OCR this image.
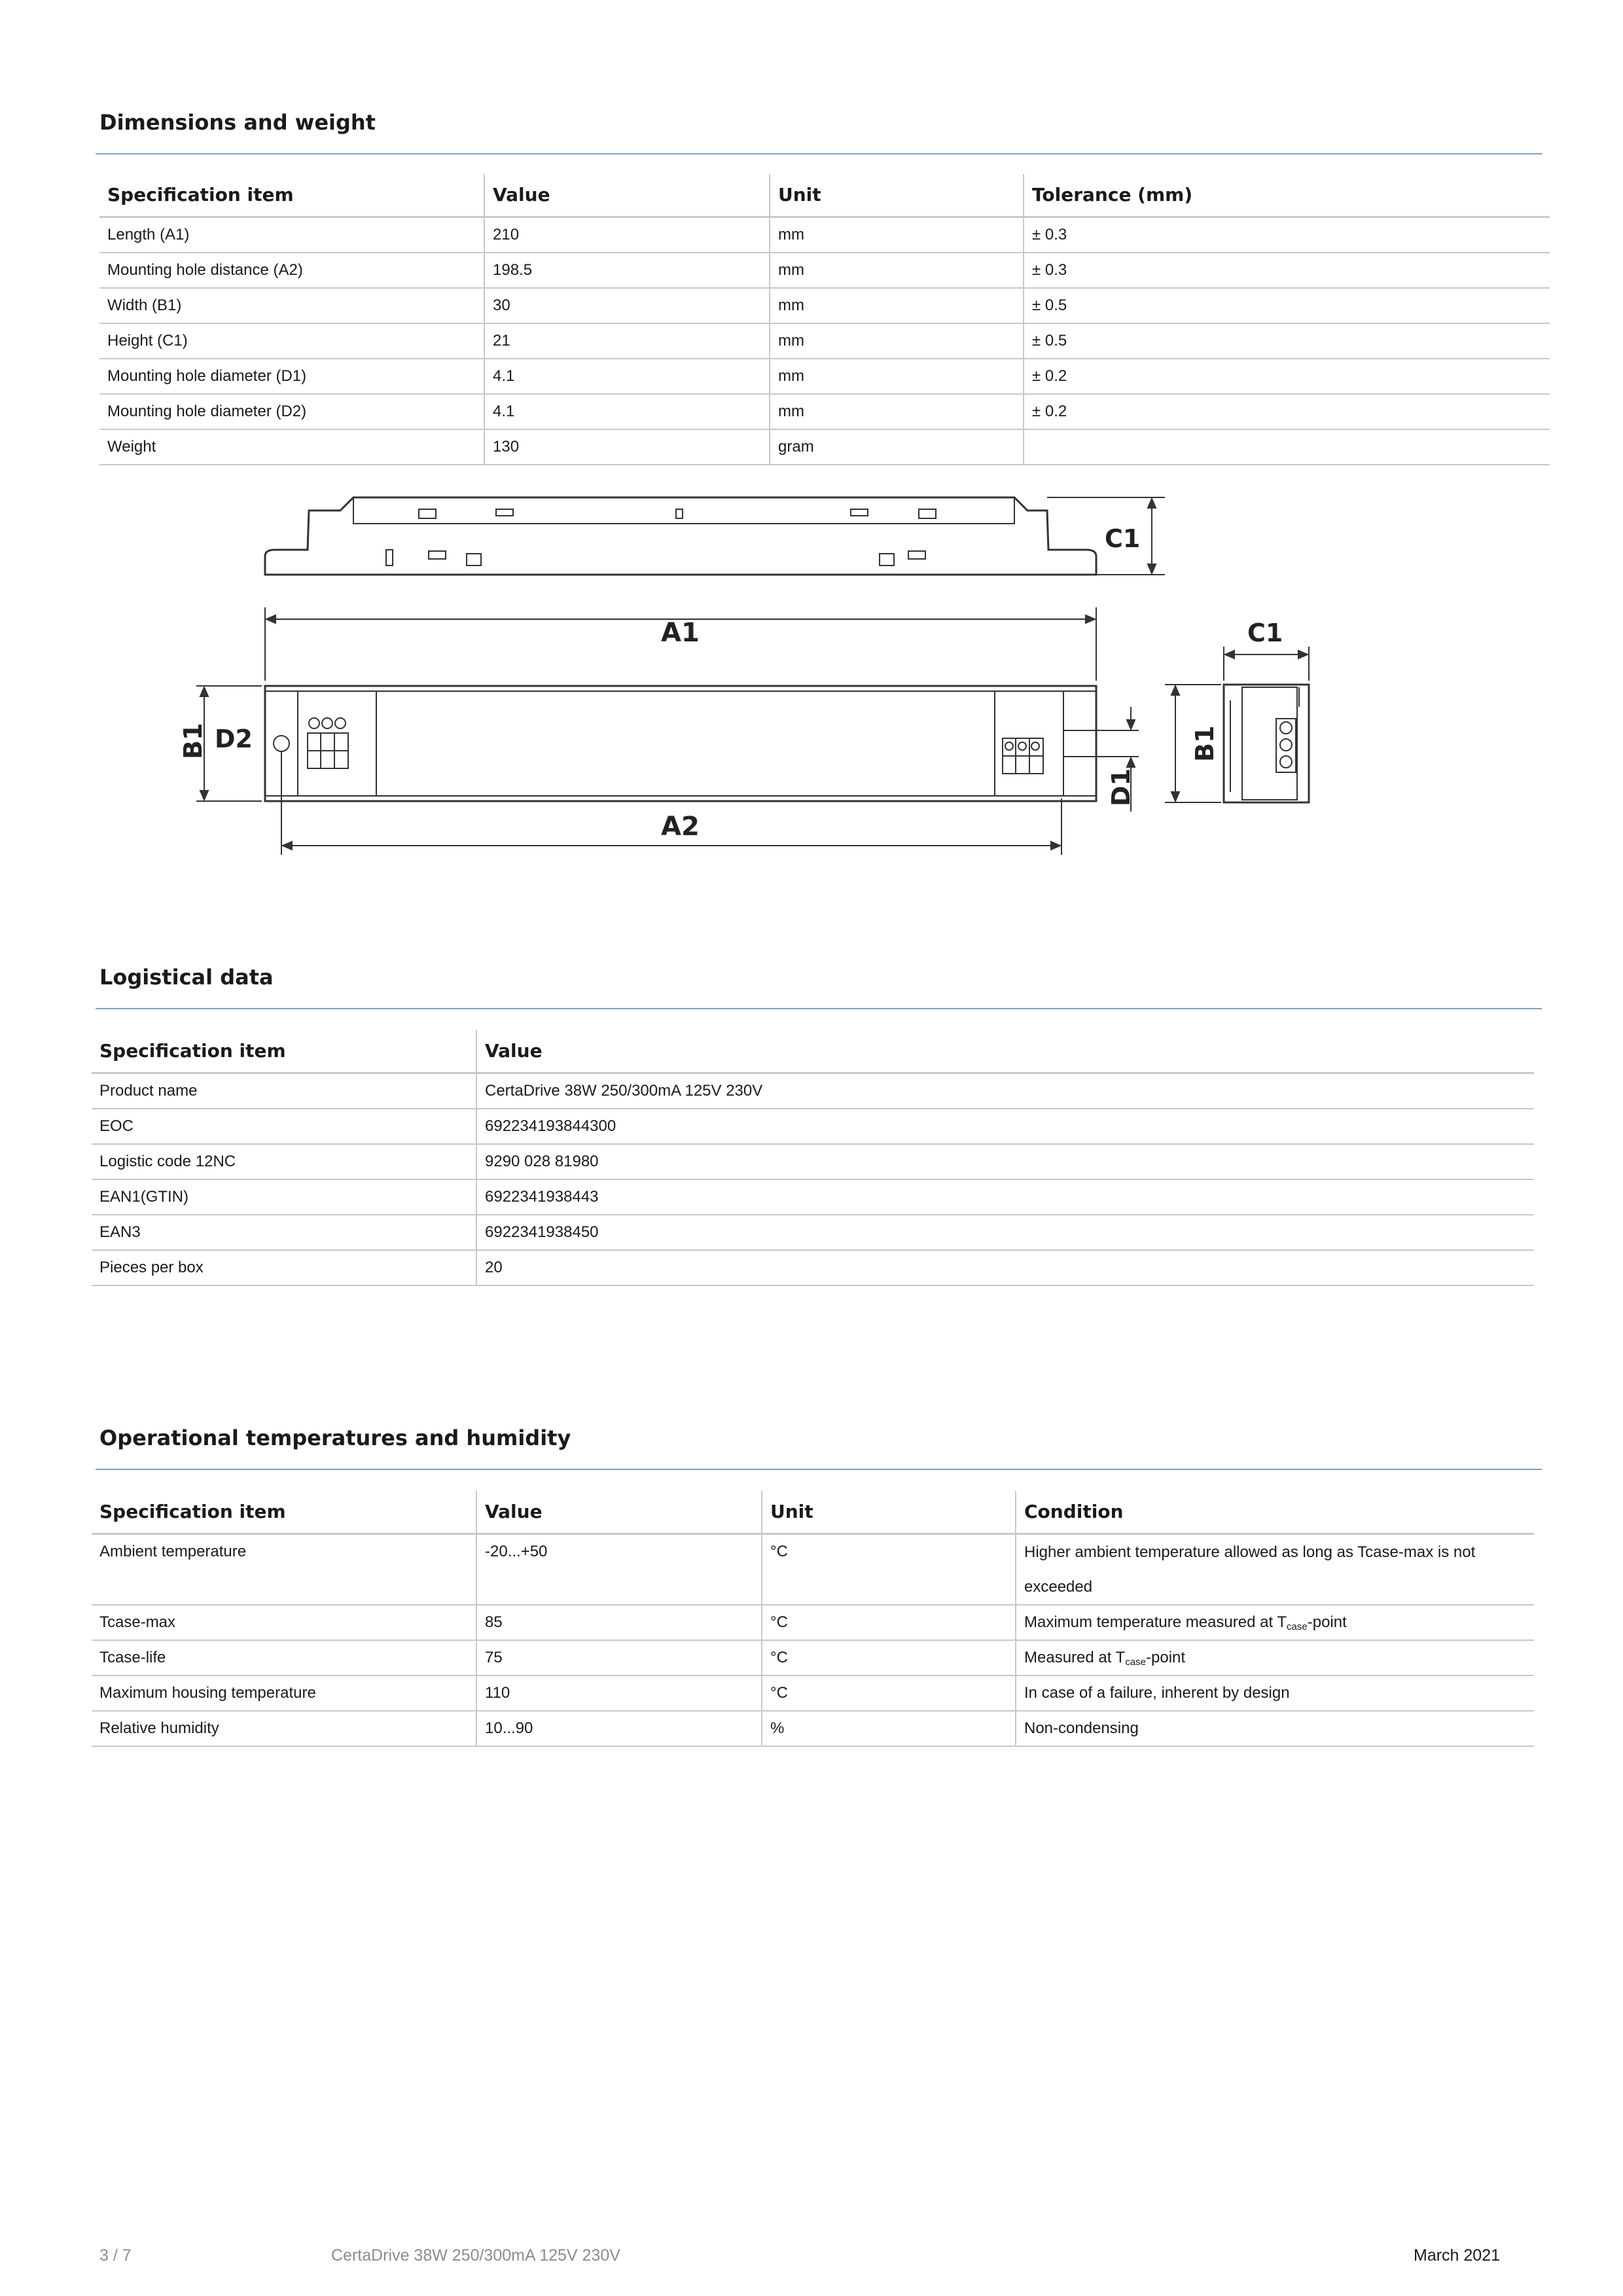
Dimensions and weight
Specification item	Value	Unit	Tolerance (mm)
Length (A1)	210	mm	± 0.3
Mounting hole distance (A2)	198.5	mm	± 0.3
Width (B1)	30	mm	± 0.5
Height (C1)	21	mm	± 0.5
Mounting hole diameter (D1)	4.1	mm	± 0.2
Mounting hole diameter (D2)	4.1	mm	± 0.2
Weight	130	gram	
C1
A1
B1 D2
D1
A2
C1
B1
Logistical data
Specification item	Value
Product name	CertaDrive 38W 250/300mA 125V 230V
EOC	692234193844300
Logistic code 12NC	9290 028 81980
EAN1(GTIN)	6922341938443
EAN3	6922341938450
Pieces per box	20
Operational temperatures and humidity
Specification item	Value	Unit	Condition
Ambient temperature	-20...+50	°C	Higher ambient temperature allowed as long as Tcase-max is not exceeded
Tcase-max	85	°C	Maximum temperature measured at $T_{case}$-point
Tcase-life	75	°C	Measured at $T_{case}$-point
Maximum housing temperature	110	°C	In case of a failure, inherent by design
Relative humidity	10...90	%	Non-condensing
3 / 7	CertaDrive 38W 250/300mA 125V 230V	March 2021
